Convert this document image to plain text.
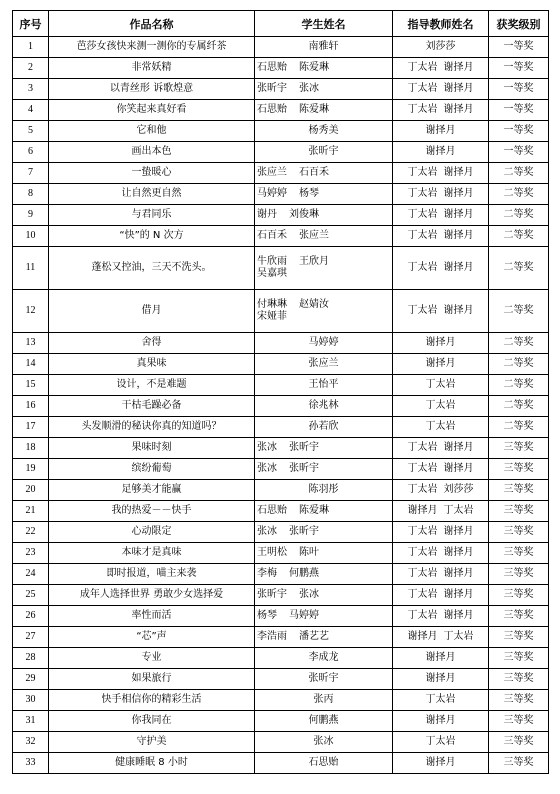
序号	作品名称	学生姓名	指导教师姓名	获奖级别
1	芭莎女孩快来测一测你的专属纤茶	南雅轩	刘莎莎	一等奖
2	非常妖精	石思贻 陈爱琳	丁太岩 谢择月	一等奖
3	以青丝形 诉歌煌意	张昕宇 张冰	丁太岩 谢择月	一等奖
4	你笑起来真好看	石思贻 陈爱琳	丁太岩 谢择月	一等奖
5	它和他	杨秀美	谢择月	一等奖
6	画出本色	张昕宇	谢择月	一等奖
7	一蛰暖心	张应兰 石百禾	丁太岩 谢择月	二等奖
8	让自然更自然	马婷婷 杨琴	丁太岩 谢择月	二等奖
9	与君同乐	谢丹 刘俊琳	丁太岩 谢择月	二等奖
10	“快”的 N 次方	石百禾 张应兰	丁太岩 谢择月	二等奖
11	蓬松又控油，三天不洗头。	牛欣雨 王欣月
吴嘉琪	丁太岩 谢择月	二等奖
12	借月	付琳琳 赵婧汝
宋娅菲	丁太岩 谢择月	二等奖
13	舍得	马婷婷	谢择月	二等奖
14	真果味	张应兰	谢择月	二等奖
15	设计，不是难题	王怡平	丁太岩	二等奖
16	干枯毛躁必备	徐兆林	丁太岩	二等奖
17	头发顺滑的秘诀你真的知道吗？	孙若欣	丁太岩	二等奖
18	果味时刻	张冰 张昕宇	丁太岩 谢择月	三等奖
19	缤纷葡萄	张冰 张昕宇	丁太岩 谢择月	三等奖
20	足够美才能赢	陈羽彤	丁太岩 刘莎莎	三等奖
21	我的热爱－－快手	石思贻 陈爱琳	谢择月 丁太岩	三等奖
22	心动限定	张冰 张昕宇	丁太岩 谢择月	三等奖
23	本味才是真味	王明松 陈叶	丁太岩 谢择月	三等奖
24	即时报道，喵主来袭	李梅 何鹏燕	丁太岩 谢择月	三等奖
25	成年人选择世界 勇敢少女选择爱	张昕宇 张冰	丁太岩 谢择月	三等奖
26	率性而活	杨琴 马婷婷	丁太岩 谢择月	三等奖
27	“芯”声	李浩雨 潘艺艺	谢择月 丁太岩	三等奖
28	专业	李成龙	谢择月	三等奖
29	如果旅行	张昕宇	谢择月	三等奖
30	快手相信你的精彩生活	张丙	丁太岩	三等奖
31	你我同在	何鹏燕	谢择月	三等奖
32	守护美	张冰	丁太岩	三等奖
33	健康睡眠 8 小时	石思贻	谢择月	三等奖
